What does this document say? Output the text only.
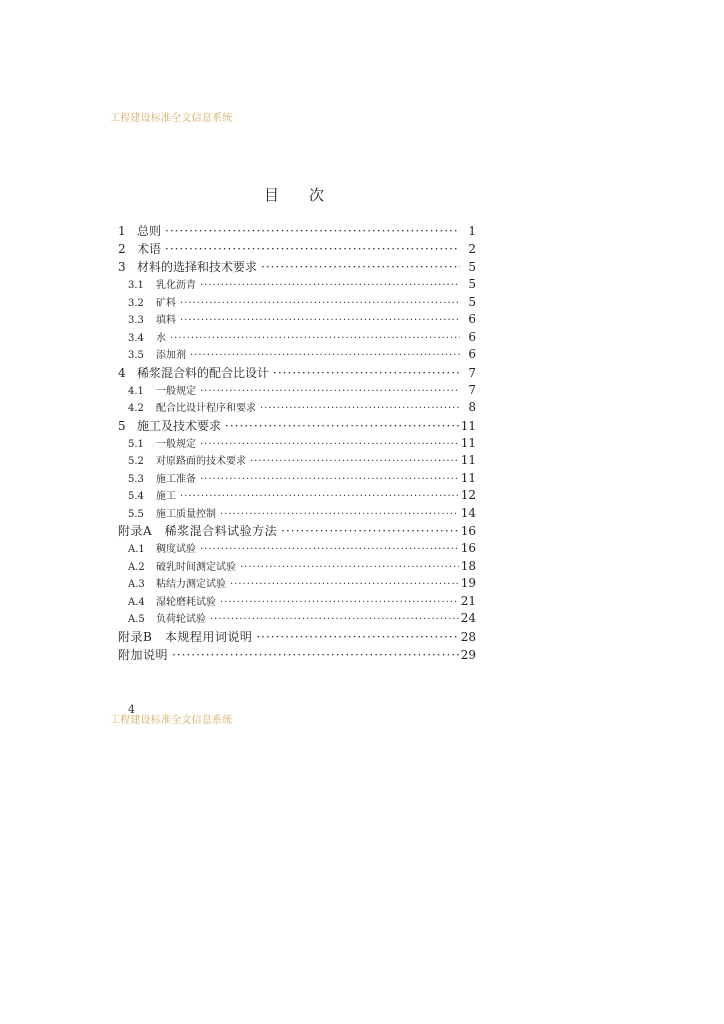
工程建设标准全文信息系统
目次
1 总则 ·····	1
2 术语 ·····	2
3 材料的选择和技术要求 ·····	5
3.1	乳化沥青 ·····	5
3.2	矿料 ·····	5
3.3	填料 ·····	6
3.4	水 ·····	6
3.5	添加剂 ·····	6
4 稀浆混合料的配合比设计 ·····	7
4.1	一般规定 ·····	7
4.2	配合比设计程序和要求 ·····	8
5 施工及技术要求 ·····	11
5.1	一般规定 ·····	11
5.2	对原路面的技术要求 ·····	11
5.3	施工准备 ·····	11
5.4	施工 ·····	12
5.5	施工质量控制 ·····	14
附录A　稀浆混合料试验方法 ·····	16
A.1	稠度试验 ·····	16
A.2	破乳时间测定试验 ·····	18
A.3	粘结力测定试验 ·····	19
A.4	湿轮磨耗试验 ·····	21
A.5	负荷轮试验 ·····	24
附录B　本规程用词说明 ·····	28
附加说明 ·····	29
4
工程建设标准全文信息系统
